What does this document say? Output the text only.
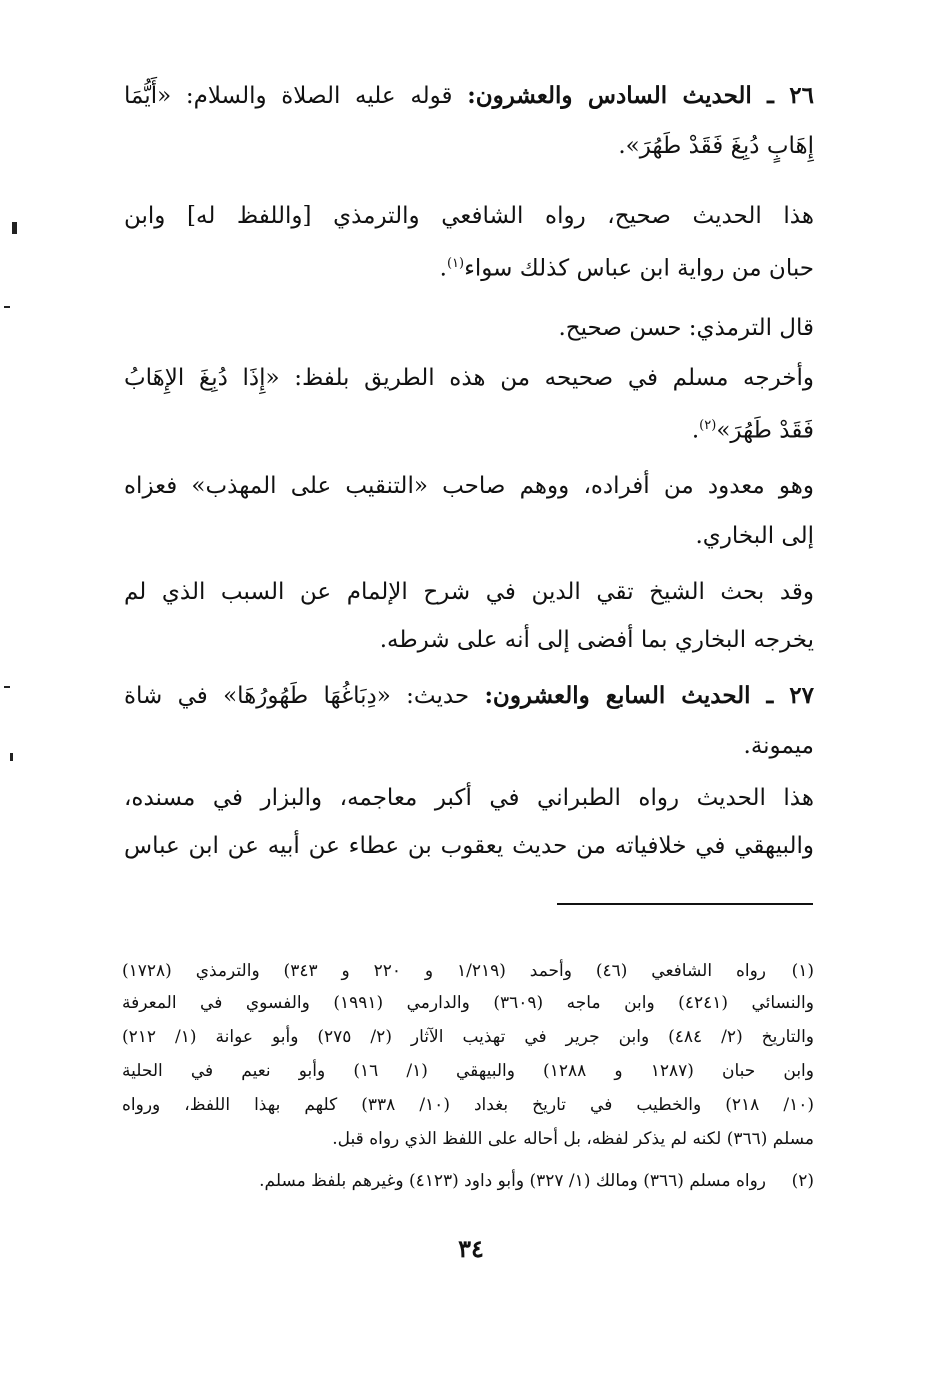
٢٦ ـ الحديث السادس والعشرون: قوله عليه الصلاة والسلام: «أَيُّمَا
إِهَابٍ دُبِغَ فَقَدْ طَهُرَ».
هذا الحديث صحيح، رواه الشافعي والترمذي [واللفظ له] وابن
حبان من رواية ابن عباس كذلك سواء$^{(١)}$.
قال الترمذي: حسن صحيح.
وأخرجه مسلم في صحيحه من هذه الطريق بلفظ: «إِذَا دُبِغَ الإِهَابُ
فَقَدْ طَهُرَ»$^{(٢)}$.
وهو معدود من أفراده، ووهم صاحب «التنقيب على المهذب» فعزاه
إلى البخاري.
وقد بحث الشيخ تقي الدين في شرح الإلمام عن السبب الذي لم
يخرجه البخاري بما أفضى إلى أنه على شرطه.
٢٧ ـ الحديث السابع والعشرون: حديث: «دِبَاغُهَا طَهُورُهَا» في شاة
ميمونة.
هذا الحديث رواه الطبراني في أكبر معاجمه، والبزار في مسنده،
والبيهقي في خلافياته من حديث يعقوب بن عطاء عن أبيه عن ابن عباس
(١)
رواه الشافعي (٤٦) وأحمد (١/٢١٩ و ٢٢٠ و ٣٤٣) والترمذي (١٧٢٨)
والنسائي (٤٢٤١) وابن ماجه (٣٦٠٩) والدارمي (١٩٩١) والفسوي في المعرفة
والتاريخ (٢/ ٤٨٤) وابن جرير في تهذيب الآثار (٢/ ٢٧٥) وأبو عوانة (١/ ٢١٢)
وابن حبان (١٢٨٧ و ١٢٨٨) والبيهقي (١/ ١٦) وأبو نعيم في الحلية
(١٠/ ٢١٨) والخطيب في تاريخ بغداد (١٠/ ٣٣٨) كلهم بهذا اللفظ، ورواه
مسلم (٣٦٦) لكنه لم يذكر لفظه، بل أحاله على اللفظ الذي رواه قبل.
(٢)
رواه مسلم (٣٦٦) ومالك (١/ ٣٢٧) وأبو داود (٤١٢٣) وغيرهم بلفظ مسلم.
٣٤
